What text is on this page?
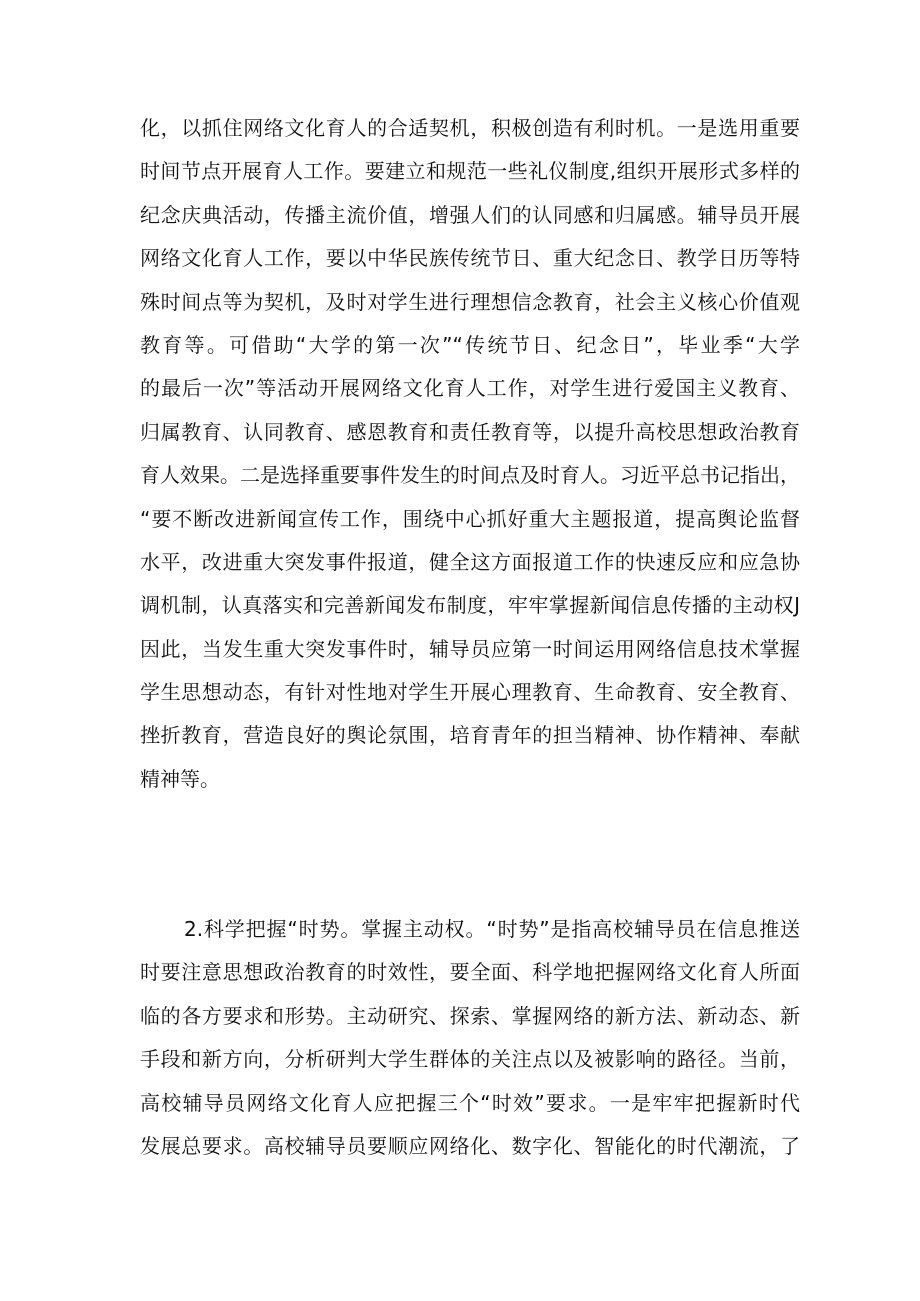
化，以抓住网络文化育人的合适契机，积极创造有利时机。一是选用重要
时间节点开展育人工作。要建立和规范一些礼仪制度,组织开展形式多样的
纪念庆典活动，传播主流价值，增强人们的认同感和归属感。辅导员开展
网络文化育人工作，要以中华民族传统节日、重大纪念日、教学日历等特
殊时间点等为契机，及时对学生进行理想信念教育，社会主义核心价值观
教育等。可借助“大学的第一次”“传统节日、纪念日”，毕业季“大学
的最后一次”等活动开展网络文化育人工作，对学生进行爱国主义教育、
归属教育、认同教育、感恩教育和责任教育等，以提升高校思想政治教育
育人效果。二是选择重要事件发生的时间点及时育人。习近平总书记指出，
“要不断改进新闻宣传工作，围绕中心抓好重大主题报道，提高舆论监督
水平，改进重大突发事件报道，健全这方面报道工作的快速反应和应急协
调机制，认真落实和完善新闻发布制度，牢牢掌握新闻信息传播的主动权J
因此，当发生重大突发事件时，辅导员应第一时间运用网络信息技术掌握
学生思想动态，有针对性地对学生开展心理教育、生命教育、安全教育、
挫折教育，营造良好的舆论氛围，培育青年的担当精神、协作精神、奉献
精神等。

2.科学把握“时势。掌握主动权。“时势”是指高校辅导员在信息推送
时要注意思想政治教育的时效性，要全面、科学地把握网络文化育人所面
临的各方要求和形势。主动研究、探索、掌握网络的新方法、新动态、新
手段和新方向，分析研判大学生群体的关注点以及被影响的路径。当前，
高校辅导员网络文化育人应把握三个“时效”要求。一是牢牢把握新时代
发展总要求。高校辅导员要顺应网络化、数字化、智能化的时代潮流，了
